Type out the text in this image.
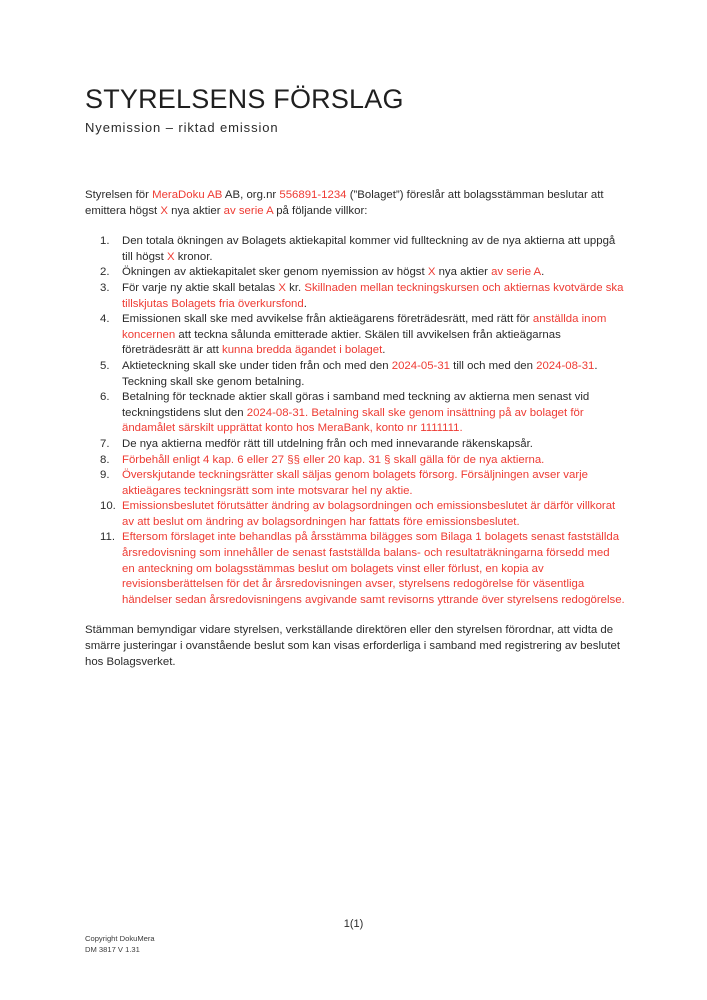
STYRELSENS FÖRSLAG
Nyemission – riktad emission

Styrelsen för MeraDoku AB AB, org.nr 556891-1234 (”Bolaget”) föreslår att bolagsstämman beslutar att emittera högst X nya aktier av serie A på följande villkor:

1. Den totala ökningen av Bolagets aktiekapital kommer vid fullteckning av de nya aktierna att uppgå till högst X kronor.
2. Ökningen av aktiekapitalet sker genom nyemission av högst X nya aktier av serie A.
3. För varje ny aktie skall betalas X kr. Skillnaden mellan teckningskursen och aktiernas kvotvärde ska tillskjutas Bolagets fria överkursfond.
4. Emissionen skall ske med avvikelse från aktieägarens företrädesrätt, med rätt för anställda inom koncernen att teckna sålunda emitterade aktier. Skälen till avvikelsen från aktieägarnas företrädesrätt är att kunna bredda ägandet i bolaget.
5. Aktieteckning skall ske under tiden från och med den 2024-05-31 till och med den 2024-08-31. Teckning skall ske genom betalning.
6. Betalning för tecknade aktier skall göras i samband med teckning av aktierna men senast vid teckningstidens slut den 2024-08-31. Betalning skall ske genom insättning på av bolaget för ändamålet särskilt upprättat konto hos MeraBank, konto nr 1111111.
7. De nya aktierna medför rätt till utdelning från och med innevarande räkenskapsår.
8. Förbehåll enligt 4 kap. 6 eller 27 §§ eller 20 kap. 31 § skall gälla för de nya aktierna.
9. Överskjutande teckningsrätter skall säljas genom bolagets försorg. Försäljningen avser varje aktieägares teckningsrätt som inte motsvarar hel ny aktie.
10. Emissionsbeslutet förutsätter ändring av bolagsordningen och emissionsbeslutet är därför villkorat av att beslut om ändring av bolagsordningen har fattats före emissionsbeslutet.
11. Eftersom förslaget inte behandlas på årsstämma bilägges som Bilaga 1 bolagets senast fastställda årsredovisning som innehåller de senast fastställda balans- och resultaträkningarna försedd med en anteckning om bolagsstämmas beslut om bolagets vinst eller förlust, en kopia av revisionsberättelsen för det år årsredovisningen avser, styrelsens redogörelse för väsentliga händelser sedan årsredovisningens avgivande samt revisorns yttrande över styrelsens redogörelse.

Stämman bemyndigar vidare styrelsen, verkställande direktören eller den styrelsen förordnar, att vidta de smärre justeringar i ovanstående beslut som kan visas erforderliga i samband med registrering av beslutet hos Bolagsverket.

1(1)
Copyright DokuMera
DM 3817 V 1.31
